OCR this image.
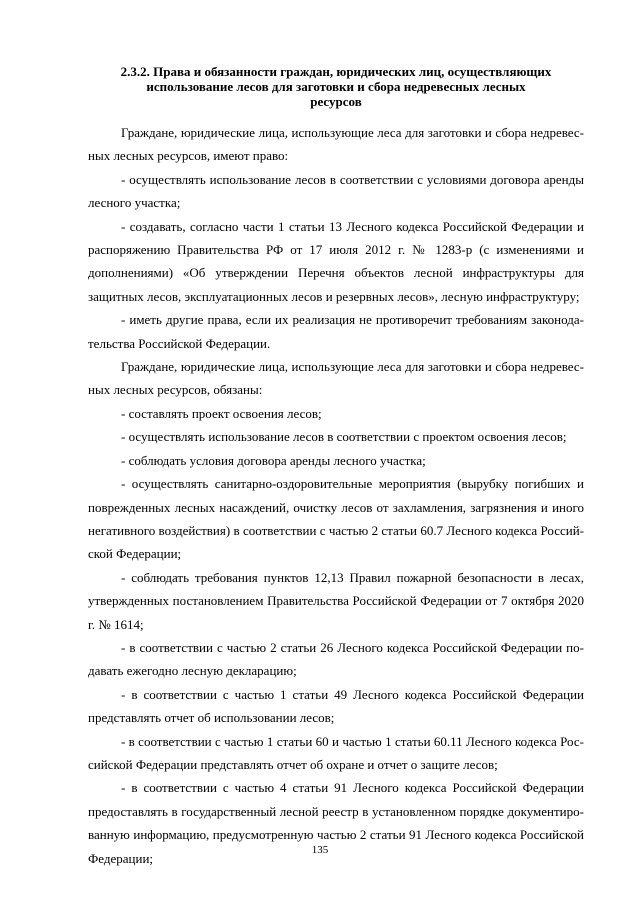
2.3.2. Права и обязанности граждан, юридических лиц, осуществляющих
использование лесов для заготовки и сбора недревесных лесных
ресурсов

Граждане, юридические лица, использующие леса для заготовки и сбора недревесных лесных ресурсов, имеют право:

- осуществлять использование лесов в соответствии с условиями договора аренды лесного участка;

- создавать, согласно части 1 статьи 13 Лесного кодекса Российской Федерации и распоряжению Правительства РФ от 17 июля 2012 г. № 1283-р (с изменениями и дополнениями) «Об утверждении Перечня объектов лесной инфраструктуры для защитных лесов, эксплуатационных лесов и резервных лесов», лесную инфраструктуру;

- иметь другие права, если их реализация не противоречит требованиям законодательства Российской Федерации.

Граждане, юридические лица, использующие леса для заготовки и сбора недревесных лесных ресурсов, обязаны:

- составлять проект освоения лесов;

- осуществлять использование лесов в соответствии с проектом освоения лесов;

- соблюдать условия договора аренды лесного участка;

- осуществлять санитарно-оздоровительные мероприятия (вырубку погибших и поврежденных лесных насаждений, очистку лесов от захламления, загрязнения и иного негативного воздействия) в соответствии с частью 2 статьи 60.7 Лесного кодекса Российской Федерации;

- соблюдать требования пунктов 12,13 Правил пожарной безопасности в лесах, утвержденных постановлением Правительства Российской Федерации от 7 октября 2020 г. № 1614;

- в соответствии с частью 2 статьи 26 Лесного кодекса Российской Федерации подавать ежегодно лесную декларацию;

- в соответствии с частью 1 статьи 49 Лесного кодекса Российской Федерации представлять отчет об использовании лесов;

- в соответствии с частью 1 статьи 60 и частью 1 статьи 60.11 Лесного кодекса Российской Федерации представлять отчет об охране и отчет о защите лесов;

- в соответствии с частью 4 статьи 91 Лесного кодекса Российской Федерации предоставлять в государственный лесной реестр в установленном порядке документированную информацию, предусмотренную частью 2 статьи 91 Лесного кодекса Российской Федерации;

135
